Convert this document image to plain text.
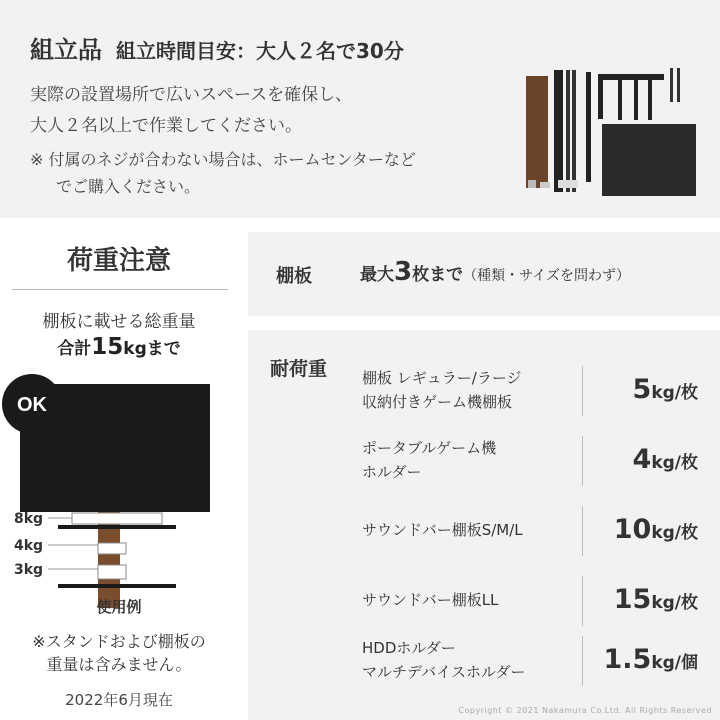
組立品 組立時間目安：大人２名で30分
実際の設置場所で広いスペースを確保し、
大人２名以上で作業してください。
※ 付属のネジが合わない場合は、ホームセンターなど
でご購入ください。
荷重注意
棚板に載せる総重量
合計15kgまで
OK
8kg
4kg
3kg
使用例
※スタンドおよび棚板の
重量は含みません。
2022年6月現在
棚板	最大3枚まで（種類・サイズを問わず）
耐荷重 棚板 レギュラー/ラージ
収納付きゲーム機棚板	5kg/枚
ポータブルゲーム機
ホルダー	4kg/枚
サウンドバー棚板S/M/L	10kg/枚
サウンドバー棚板LL	15kg/枚
HDDホルダー
マルチデバイスホルダー	1.5kg/個
Copyright © 2021 Nakamura Co.Ltd. All Rights Reserved
